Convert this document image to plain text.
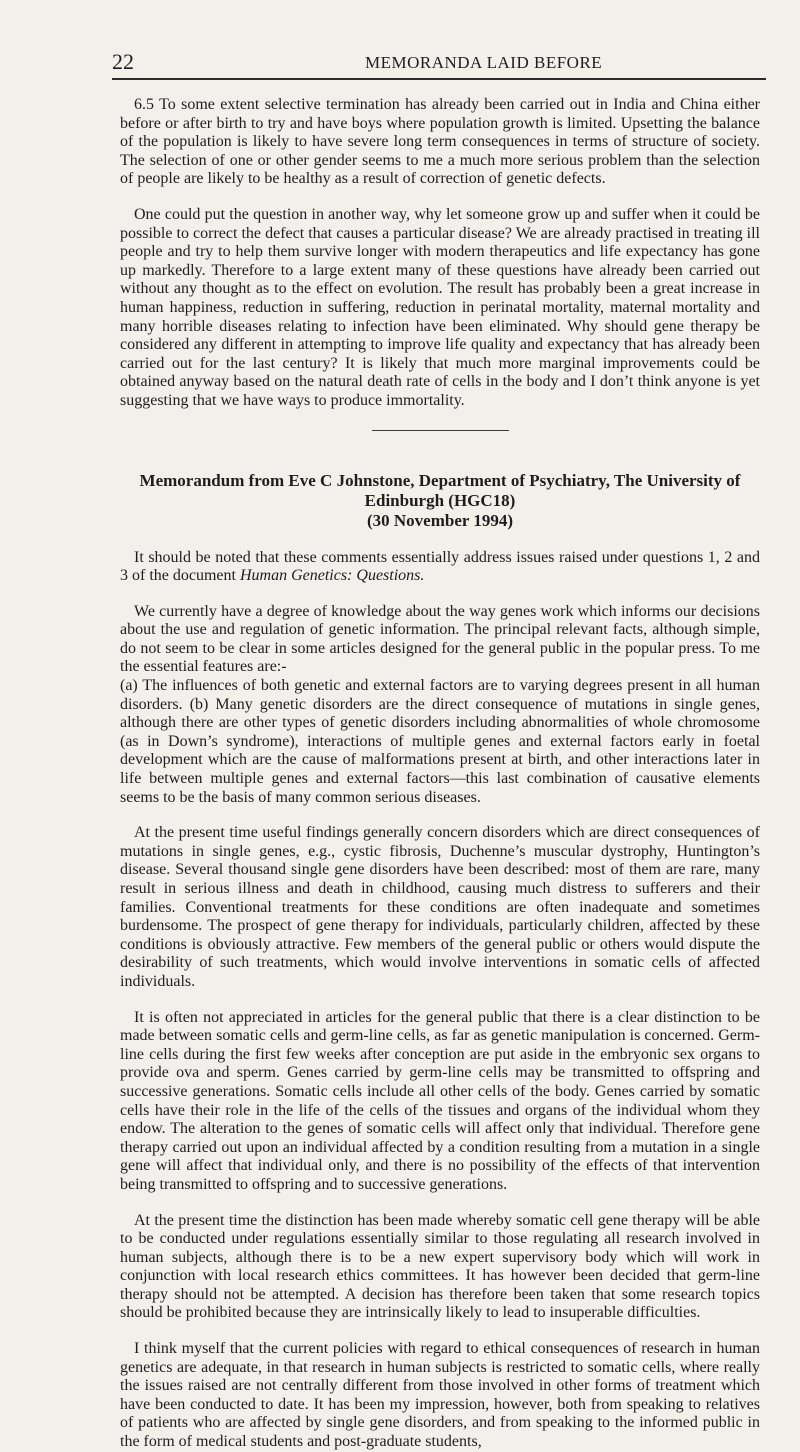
22	MEMORANDA LAID BEFORE

6.5 To some extent selective termination has already been carried out in India and China either before or after birth to try and have boys where population growth is limited. Upsetting the balance of the population is likely to have severe long term consequences in terms of structure of society. The selection of one or other gender seems to me a much more serious problem than the selection of people are likely to be healthy as a result of correction of genetic defects.

One could put the question in another way, why let someone grow up and suffer when it could be possible to correct the defect that causes a particular disease? We are already practised in treating ill people and try to help them survive longer with modern therapeutics and life expectancy has gone up markedly. Therefore to a large extent many of these questions have already been carried out without any thought as to the effect on evolution. The result has probably been a great increase in human happiness, reduction in suffering, reduction in perinatal mortality, maternal mortality and many horrible diseases relating to infection have been eliminated. Why should gene therapy be considered any different in attempting to improve life quality and expectancy that has already been carried out for the last century? It is likely that much more marginal improvements could be obtained anyway based on the natural death rate of cells in the body and I don’t think anyone is yet suggesting that we have ways to produce immortality.

Memorandum from Eve C Johnstone, Department of Psychiatry, The University of Edinburgh (HGC18)
(30 November 1994)

It should be noted that these comments essentially address issues raised under questions 1, 2 and 3 of the document Human Genetics: Questions.

We currently have a degree of knowledge about the way genes work which informs our decisions about the use and regulation of genetic information. The principal relevant facts, although simple, do not seem to be clear in some articles designed for the general public in the popular press. To me the essential features are:-

(a) The influences of both genetic and external factors are to varying degrees present in all human disorders. (b) Many genetic disorders are the direct consequence of mutations in single genes, although there are other types of genetic disorders including abnormalities of whole chromosome (as in Down’s syndrome), interactions of multiple genes and external factors early in foetal development which are the cause of malformations present at birth, and other interactions later in life between multiple genes and external factors—this last combination of causative elements seems to be the basis of many common serious diseases.

At the present time useful findings generally concern disorders which are direct consequences of mutations in single genes, e.g., cystic fibrosis, Duchenne’s muscular dystrophy, Huntington’s disease. Several thousand single gene disorders have been described: most of them are rare, many result in serious illness and death in childhood, causing much distress to sufferers and their families. Conventional treatments for these conditions are often inadequate and sometimes burdensome. The prospect of gene therapy for individuals, particularly children, affected by these conditions is obviously attractive. Few members of the general public or others would dispute the desirability of such treatments, which would involve interventions in somatic cells of affected individuals.

It is often not appreciated in articles for the general public that there is a clear distinction to be made between somatic cells and germ-line cells, as far as genetic manipulation is concerned. Germ-line cells during the first few weeks after conception are put aside in the embryonic sex organs to provide ova and sperm. Genes carried by germ-line cells may be transmitted to offspring and successive generations. Somatic cells include all other cells of the body. Genes carried by somatic cells have their role in the life of the cells of the tissues and organs of the individual whom they endow. The alteration to the genes of somatic cells will affect only that individual. Therefore gene therapy carried out upon an individual affected by a condition resulting from a mutation in a single gene will affect that individual only, and there is no possibility of the effects of that intervention being transmitted to offspring and to successive generations.

At the present time the distinction has been made whereby somatic cell gene therapy will be able to be conducted under regulations essentially similar to those regulating all research involved in human subjects, although there is to be a new expert supervisory body which will work in conjunction with local research ethics committees. It has however been decided that germ-line therapy should not be attempted. A decision has therefore been taken that some research topics should be prohibited because they are intrinsically likely to lead to insuperable difficulties.

I think myself that the current policies with regard to ethical consequences of research in human genetics are adequate, in that research in human subjects is restricted to somatic cells, where really the issues raised are not centrally different from those involved in other forms of treatment which have been conducted to date. It has been my impression, however, both from speaking to relatives of patients who are affected by single gene disorders, and from speaking to the informed public in the form of medical students and post-graduate students,
